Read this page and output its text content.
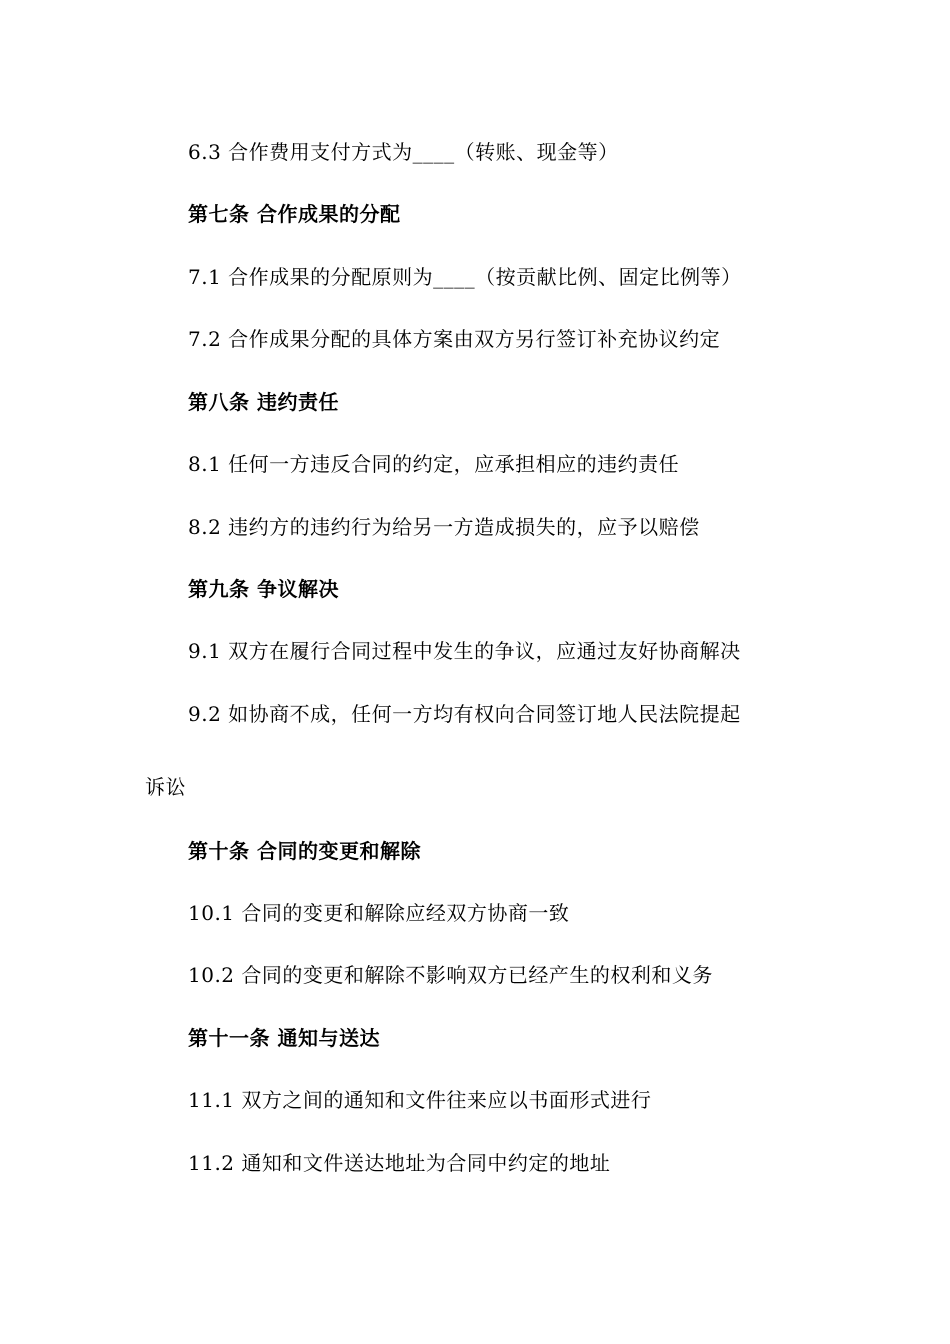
6.3 合作费用支付方式为____（转账、现金等）
第七条 合作成果的分配
7.1 合作成果的分配原则为____（按贡献比例、固定比例等）
7.2 合作成果分配的具体方案由双方另行签订补充协议约定
第八条 违约责任
8.1 任何一方违反合同的约定，应承担相应的违约责任
8.2 违约方的违约行为给另一方造成损失的，应予以赔偿
第九条 争议解决
9.1 双方在履行合同过程中发生的争议，应通过友好协商解决
9.2 如协商不成，任何一方均有权向合同签订地人民法院提起
诉讼
第十条 合同的变更和解除
10.1 合同的变更和解除应经双方协商一致
10.2 合同的变更和解除不影响双方已经产生的权利和义务
第十一条 通知与送达
11.1 双方之间的通知和文件往来应以书面形式进行
11.2 通知和文件送达地址为合同中约定的地址
